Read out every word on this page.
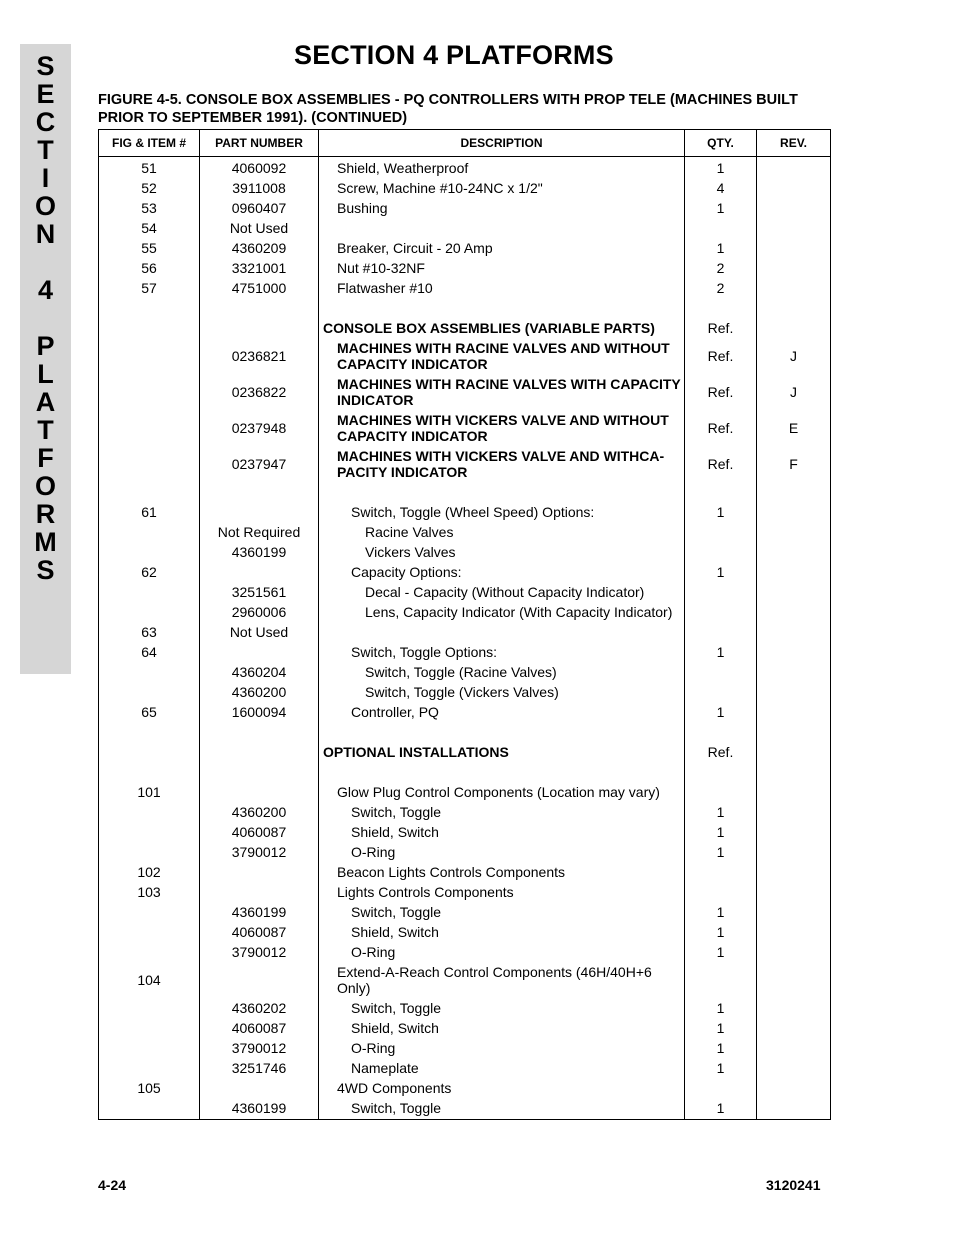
S
E
C
T
I
O
N
4
P
L
A
T
F
O
R
M
S
SECTION 4 PLATFORMS
FIGURE 4-5. CONSOLE BOX ASSEMBLIES - PQ CONTROLLERS WITH PROP TELE (MACHINES BUILT PRIOR TO SEPTEMBER 1991). (CONTINUED)
FIG & ITEM #	PART NUMBER	DESCRIPTION	QTY.	REV.
51	4060092	Shield, Weatherproof	1	
52	3911008	Screw, Machine #10-24NC x 1/2"	4	
53	0960407	Bushing	1	
54	Not Used			
55	4360209	Breaker, Circuit - 20 Amp	1	
56	3321001	Nut #10-32NF	2	
57	4751000	Flatwasher #10	2	

		CONSOLE BOX ASSEMBLIES (VARIABLE PARTS)	Ref.	
	0236821	MACHINES WITH RACINE VALVES AND WITHOUT CAPACITY INDICATOR	Ref.	J
	0236822	MACHINES WITH RACINE VALVES WITH CAPACITY INDICATOR	Ref.	J
	0237948	MACHINES WITH VICKERS VALVE AND WITHOUT CAPACITY INDICATOR	Ref.	E
	0237947	MACHINES WITH VICKERS VALVE AND WITHCA-PACITY INDICATOR	Ref.	F

61		Switch, Toggle (Wheel Speed) Options:	1	
	Not Required	Racine Valves		
	4360199	Vickers Valves		
62		Capacity Options:	1	
	3251561	Decal - Capacity (Without Capacity Indicator)		
	2960006	Lens, Capacity Indicator (With Capacity Indicator)		
63	Not Used			
64		Switch, Toggle Options:	1	
	4360204	Switch, Toggle (Racine Valves)		
	4360200	Switch, Toggle (Vickers Valves)		
65	1600094	Controller, PQ	1	

		OPTIONAL INSTALLATIONS	Ref.	

101		Glow Plug Control Components (Location may vary)		
	4360200	Switch, Toggle	1	
	4060087	Shield, Switch	1	
	3790012	O-Ring	1	
102		Beacon Lights Controls Components		
103		Lights Controls Components		
	4360199	Switch, Toggle	1	
	4060087	Shield, Switch	1	
	3790012	O-Ring	1	
104		Extend-A-Reach Control Components (46H/40H+6 Only)		
	4360202	Switch, Toggle	1	
	4060087	Shield, Switch	1	
	3790012	O-Ring	1	
	3251746	Nameplate	1	
105		4WD Components		
	4360199	Switch, Toggle	1	
4-24	3120241
